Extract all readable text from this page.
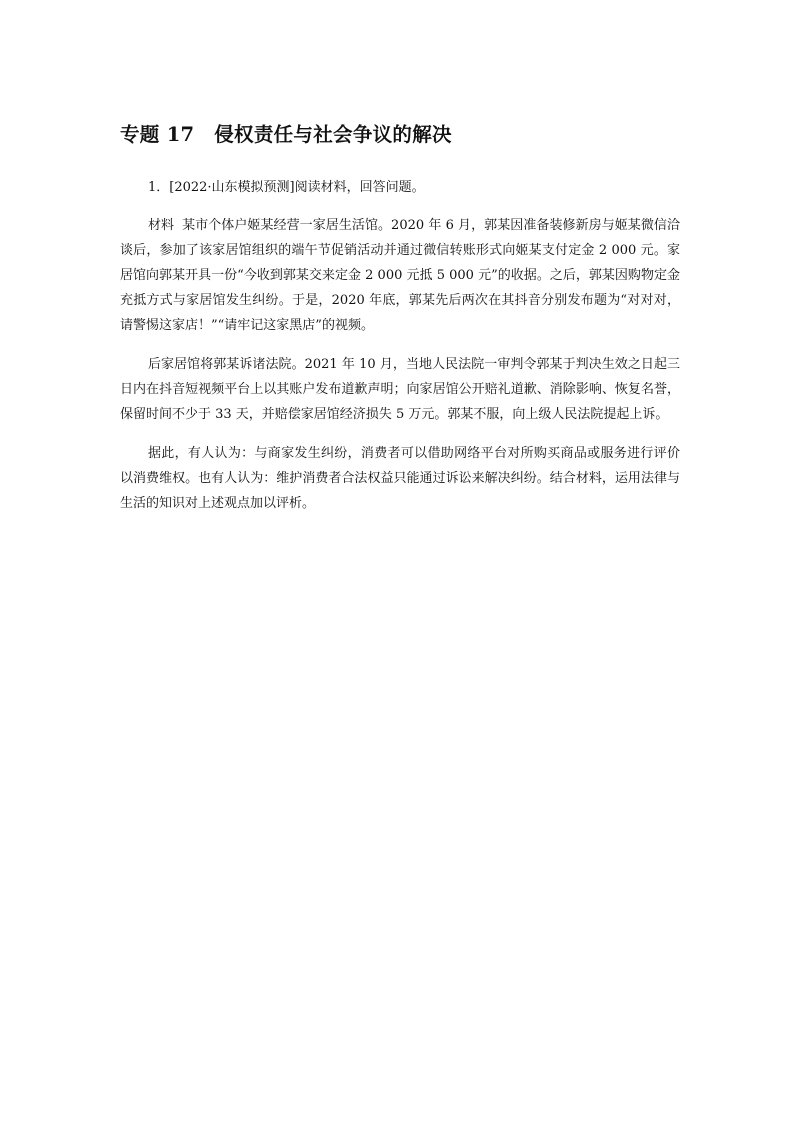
专题 17　侵权责任与社会争议的解决
1．[2022·山东模拟预测]阅读材料，回答问题。
材料 某市个体户姬某经营一家居生活馆。2020 年 6 月，郭某因准备装修新房与姬某微信洽谈后，参加了该家居馆组织的端午节促销活动并通过微信转账形式向姬某支付定金 2 000 元。家居馆向郭某开具一份“今收到郭某交来定金 2 000 元抵 5 000 元”的收据。之后，郭某因购物定金充抵方式与家居馆发生纠纷。于是，2020 年底，郭某先后两次在其抖音分别发布题为“对对对，请警惕这家店！”“请牢记这家黑店”的视频。
后家居馆将郭某诉诸法院。2021 年 10 月，当地人民法院一审判令郭某于判决生效之日起三日内在抖音短视频平台上以其账户发布道歉声明；向家居馆公开赔礼道歉、消除影响、恢复名誉，保留时间不少于 33 天，并赔偿家居馆经济损失 5 万元。郭某不服，向上级人民法院提起上诉。
据此，有人认为：与商家发生纠纷，消费者可以借助网络平台对所购买商品或服务进行评价以消费维权。也有人认为：维护消费者合法权益只能通过诉讼来解决纠纷。结合材料，运用法律与生活的知识对上述观点加以评析。
